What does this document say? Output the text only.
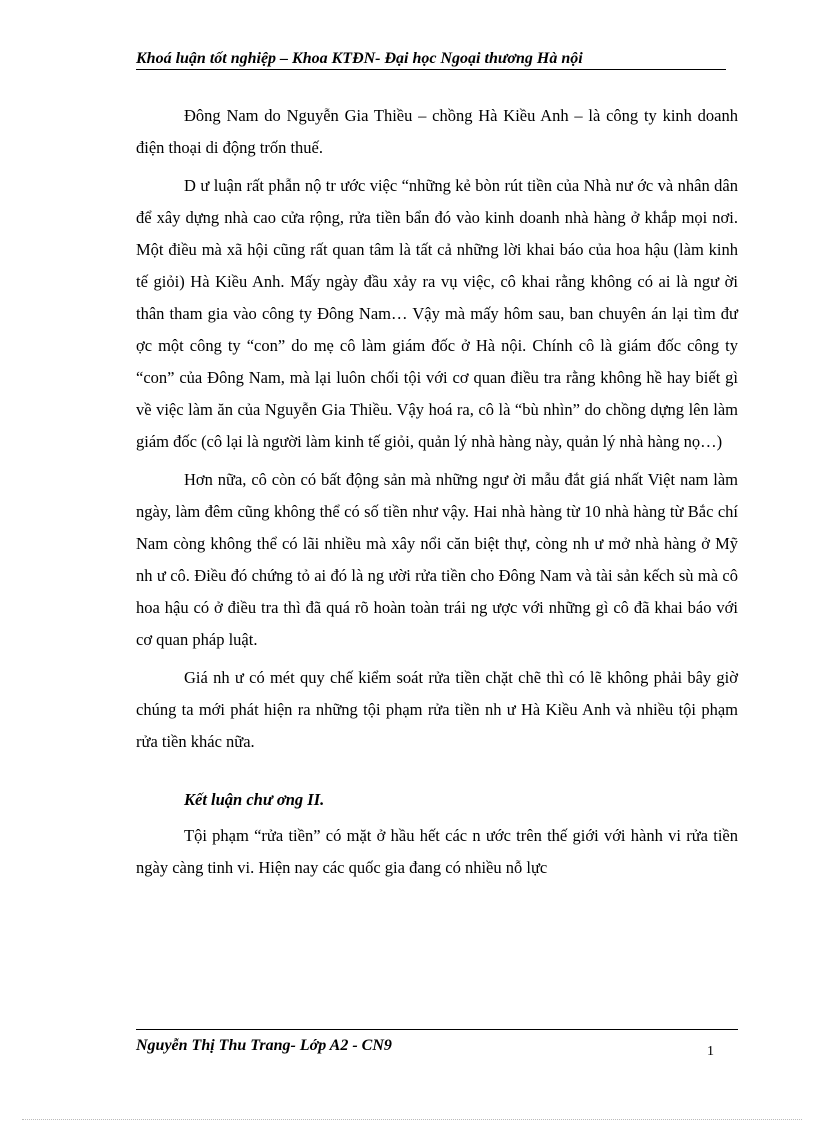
Khoá luận tốt nghiệp – Khoa KTĐN- Đại học Ngoại thương Hà nội

Đông Nam do Nguyễn Gia Thiều – chồng Hà Kiều Anh – là công ty kinh doanh điện thoại di động trốn thuế.

D ư luận rất phẫn nộ tr ước việc “những kẻ bòn rút tiền của Nhà nư ớc và nhân dân để xây dựng nhà cao cửa rộng, rửa tiền bẩn đó vào kinh doanh nhà hàng ở khắp mọi nơi. Một điều mà xã hội cũng rất quan tâm là tất cả những lời khai báo của hoa hậu (làm kinh tế giỏi) Hà Kiều Anh. Mấy ngày đầu xảy ra vụ việc, cô khai rằng không có ai là ngư ời thân tham gia vào công ty Đông Nam… Vậy mà mấy hôm sau, ban chuyên án lại tìm đư ợc một công ty “con” do mẹ cô làm giám đốc ở Hà nội. Chính cô là giám đốc công ty “con” của Đông Nam, mà lại luôn chối tội với cơ quan điều tra rằng không hề hay biết gì về việc làm ăn của Nguyễn Gia Thiều. Vậy hoá ra, cô là “bù nhìn” do chồng dựng lên làm giám đốc (cô lại là người làm kinh tế giỏi, quản lý nhà hàng này, quản lý nhà hàng nọ…)

Hơn nữa, cô còn có bất động sản mà những ngư ời mẫu đắt giá nhất Việt nam làm ngày, làm đêm cũng không thể có số tiền như vậy. Hai nhà hàng từ 10 nhà hàng từ Bắc chí Nam còng không thể có lãi nhiều mà xây nổi căn biệt thự, còng nh ư mở nhà hàng ở Mỹ nh ư cô. Điều đó chứng tỏ ai đó là ng ười rửa tiền cho Đông Nam và tài sản kếch sù mà cô hoa hậu có ở điều tra thì đã quá rõ hoàn toàn trái ng ược với những gì cô đã khai báo với cơ quan pháp luật.

Giá nh ư có mét quy chế kiểm soát rửa tiền chặt chẽ thì có lẽ không phải bây giờ chúng ta mới phát hiện ra những tội phạm rửa tiền nh ư Hà Kiều Anh và nhiều tội phạm rửa tiền khác nữa.

Kết luận chư ơng II.

Tội phạm “rửa tiền” có mặt ở hầu hết các n ước trên thế giới với hành vi rửa tiền ngày càng tinh vi. Hiện nay các quốc gia đang có nhiều nỗ lực

Nguyễn Thị Thu Trang- Lớp A2 - CN9	1
